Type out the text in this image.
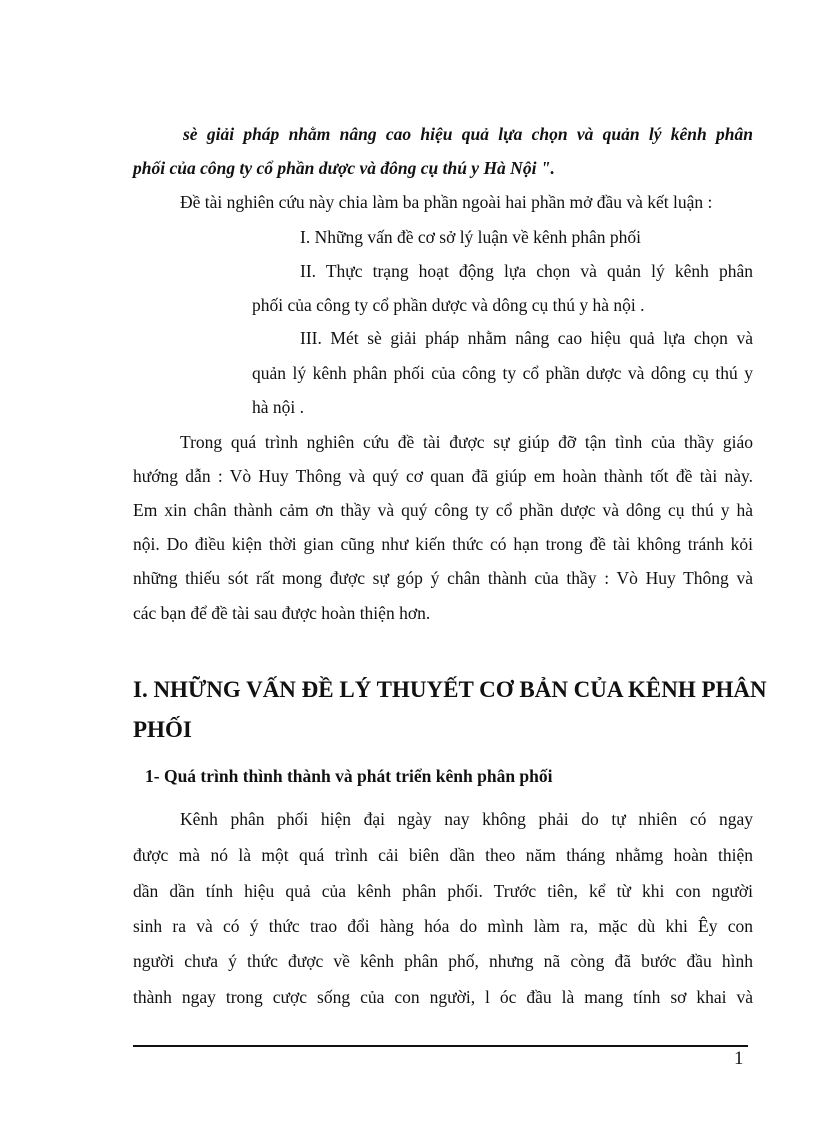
sè giải pháp nhằm nâng cao hiệu quả lựa chọn và quản lý kênh phân
phối của công ty cổ phần dược và đông cụ thú y Hà Nội ".
Đề tài nghiên cứu này chia làm ba phần ngoài hai phần mở đầu và kết luận :
I. Những vấn đề cơ sở lý luận về kênh phân phối
II. Thực trạng hoạt động lựa chọn và quản lý kênh phân
phối của công ty cổ phần dược và dông cụ thú y hà nội .
III. Mét sè giải pháp nhằm nâng cao hiệu quả lựa chọn và
quản lý kênh phân phối của công ty cổ phần dược và dông cụ thú y
hà nội .
Trong quá trình nghiên cứu đề tài được sự giúp đỡ tận tình của thầy giáo
hướng dẫn : Vò Huy Thông và quý cơ quan đã giúp em hoàn thành tốt đề tài này.
Em xin chân thành cảm ơn thầy và quý công ty cổ phần dược và dông cụ thú y hà
nội. Do điều kiện thời gian cũng như kiến thức có hạn trong đề tài không tránh kỏi
những thiếu sót rất mong được sự góp ý chân thành của thầy : Vò Huy Thông và
các bạn để đề tài sau được hoàn thiện hơn.
I. NHỮNG VẤN ĐỀ LÝ THUYẾT CƠ BẢN CỦA KÊNH PHÂN
PHỐI
1- Quá trình thình thành và phát triển kênh phân phối
Kênh phân phối hiện đại ngày nay không phải do tự nhiên có ngay
được mà nó là một quá trình cải biên dần theo năm tháng nhằmg hoàn thiện
dần dần tính hiệu quả của kênh phân phối. Trước tiên, kể từ khi con người
sinh ra và có ý thức trao đổi hàng hóa do mình làm ra, mặc dù khi Êy con
người chưa ý thức được về kênh phân phố, nhưng nã còng đã bước đầu hình
thành ngay trong cược sống của con người, l óc đầu là mang tính sơ khai và
1
